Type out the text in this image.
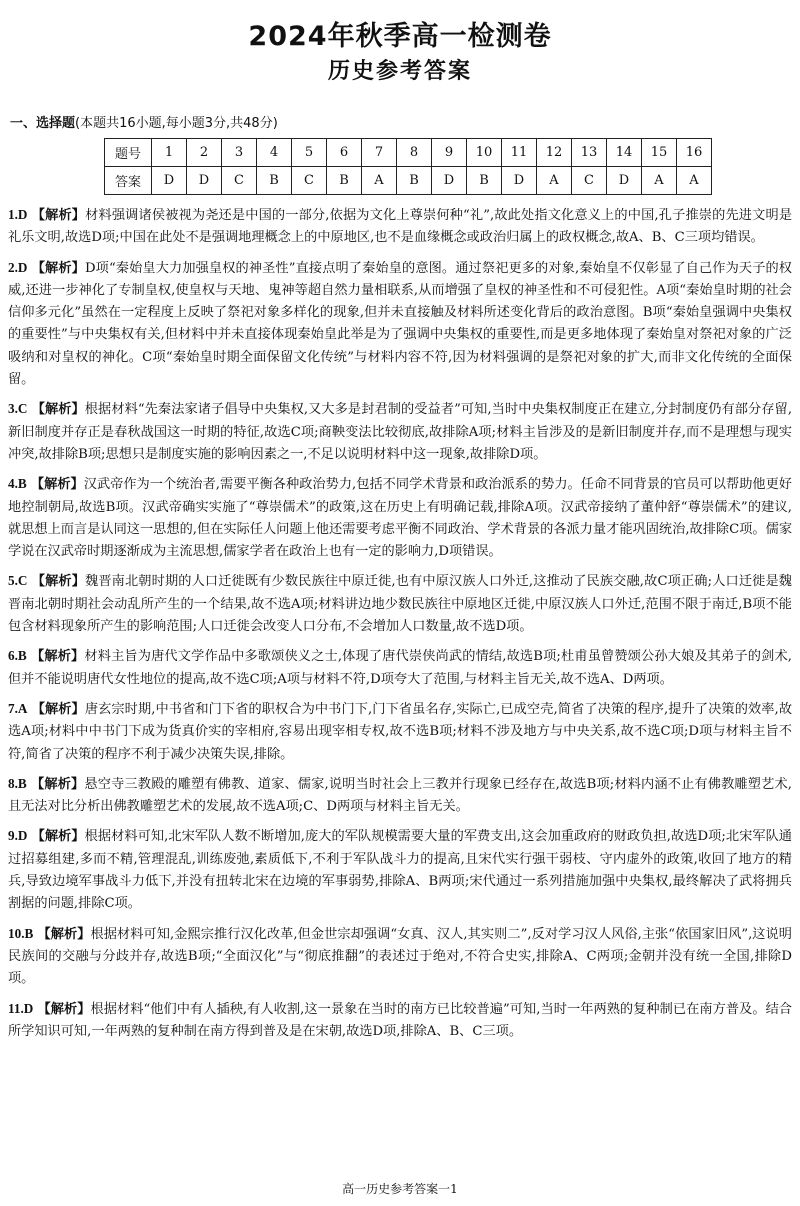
2024年秋季高一检测卷
历史参考答案
一、选择题(本题共16小题,每小题3分,共48分)
题号	1	2	3	4	5	6	7	8	9	10	11	12	13	14	15	16
答案	D	D	C	B	C	B	A	B	D	B	D	A	C	D	A	A

1.D 【解析】材料强调诸侯被视为尧还是中国的一部分,依据为文化上尊崇何种“礼”,故此处指文化意义上的中国,孔子推崇的先进文明是礼乐文明,故选D项;中国在此处不是强调地理概念上的中原地区,也不是血缘概念或政治归属上的政权概念,故A、B、C三项均错误。

2.D 【解析】D项“秦始皇大力加强皇权的神圣性”直接点明了秦始皇的意图。通过祭祀更多的对象,秦始皇不仅彰显了自己作为天子的权威,还进一步神化了专制皇权,使皇权与天地、鬼神等超自然力量相联系,从而增强了皇权的神圣性和不可侵犯性。A项“秦始皇时期的社会信仰多元化”虽然在一定程度上反映了祭祀对象多样化的现象,但并未直接触及材料所述变化背后的政治意图。B项“秦始皇强调中央集权的重要性”与中央集权有关,但材料中并未直接体现秦始皇此举是为了强调中央集权的重要性,而是更多地体现了秦始皇对祭祀对象的广泛吸纳和对皇权的神化。C项“秦始皇时期全面保留文化传统”与材料内容不符,因为材料强调的是祭祀对象的扩大,而非文化传统的全面保留。

3.C 【解析】根据材料“先秦法家诸子倡导中央集权,又大多是封君制的受益者”可知,当时中央集权制度正在建立,分封制度仍有部分存留,新旧制度并存正是春秋战国这一时期的特征,故选C项;商鞅变法比较彻底,故排除A项;材料主旨涉及的是新旧制度并存,而不是理想与现实冲突,故排除B项;思想只是制度实施的影响因素之一,不足以说明材料中这一现象,故排除D项。

4.B 【解析】汉武帝作为一个统治者,需要平衡各种政治势力,包括不同学术背景和政治派系的势力。任命不同背景的官员可以帮助他更好地控制朝局,故选B项。汉武帝确实实施了“尊崇儒术”的政策,这在历史上有明确记载,排除A项。汉武帝接纳了董仲舒“尊崇儒术”的建议,就思想上而言是认同这一思想的,但在实际任人问题上他还需要考虑平衡不同政治、学术背景的各派力量才能巩固统治,故排除C项。儒家学说在汉武帝时期逐渐成为主流思想,儒家学者在政治上也有一定的影响力,D项错误。

5.C 【解析】魏晋南北朝时期的人口迁徙既有少数民族往中原迁徙,也有中原汉族人口外迁,这推动了民族交融,故C项正确;人口迁徙是魏晋南北朝时期社会动乱所产生的一个结果,故不选A项;材料讲边地少数民族往中原地区迁徙,中原汉族人口外迁,范围不限于南迁,B项不能包含材料现象所产生的影响范围;人口迁徙会改变人口分布,不会增加人口数量,故不选D项。

6.B 【解析】材料主旨为唐代文学作品中多歌颂侠义之士,体现了唐代崇侠尚武的情结,故选B项;杜甫虽曾赞颂公孙大娘及其弟子的剑术,但并不能说明唐代女性地位的提高,故不选C项;A项与材料不符,D项夸大了范围,与材料主旨无关,故不选A、D两项。

7.A 【解析】唐玄宗时期,中书省和门下省的职权合为中书门下,门下省虽名存,实际亡,已成空壳,简省了决策的程序,提升了决策的效率,故选A项;材料中中书门下成为货真价实的宰相府,容易出现宰相专权,故不选B项;材料不涉及地方与中央关系,故不选C项;D项与材料主旨不符,简省了决策的程序不利于减少决策失误,排除。

8.B 【解析】悬空寺三教殿的雕塑有佛教、道家、儒家,说明当时社会上三教并行现象已经存在,故选B项;材料内涵不止有佛教雕塑艺术,且无法对比分析出佛教雕塑艺术的发展,故不选A项;C、D两项与材料主旨无关。

9.D 【解析】根据材料可知,北宋军队人数不断增加,庞大的军队规模需要大量的军费支出,这会加重政府的财政负担,故选D项;北宋军队通过招募组建,多而不精,管理混乱,训练废弛,素质低下,不利于军队战斗力的提高,且宋代实行强干弱枝、守内虚外的政策,收回了地方的精兵,导致边境军事战斗力低下,并没有扭转北宋在边境的军事弱势,排除A、B两项;宋代通过一系列措施加强中央集权,最终解决了武将拥兵割据的问题,排除C项。

10.B 【解析】根据材料可知,金熙宗推行汉化改革,但金世宗却强调“女真、汉人,其实则二”,反对学习汉人风俗,主张“依国家旧风”,这说明民族间的交融与分歧并存,故选B项;“全面汉化”与“彻底推翻”的表述过于绝对,不符合史实,排除A、C两项;金朝并没有统一全国,排除D项。

11.D 【解析】根据材料“他们中有人插秧,有人收割,这一景象在当时的南方已比较普遍”可知,当时一年两熟的复种制已在南方普及。结合所学知识可知,一年两熟的复种制在南方得到普及是在宋朝,故选D项,排除A、B、C三项。

高一历史参考答案一1
